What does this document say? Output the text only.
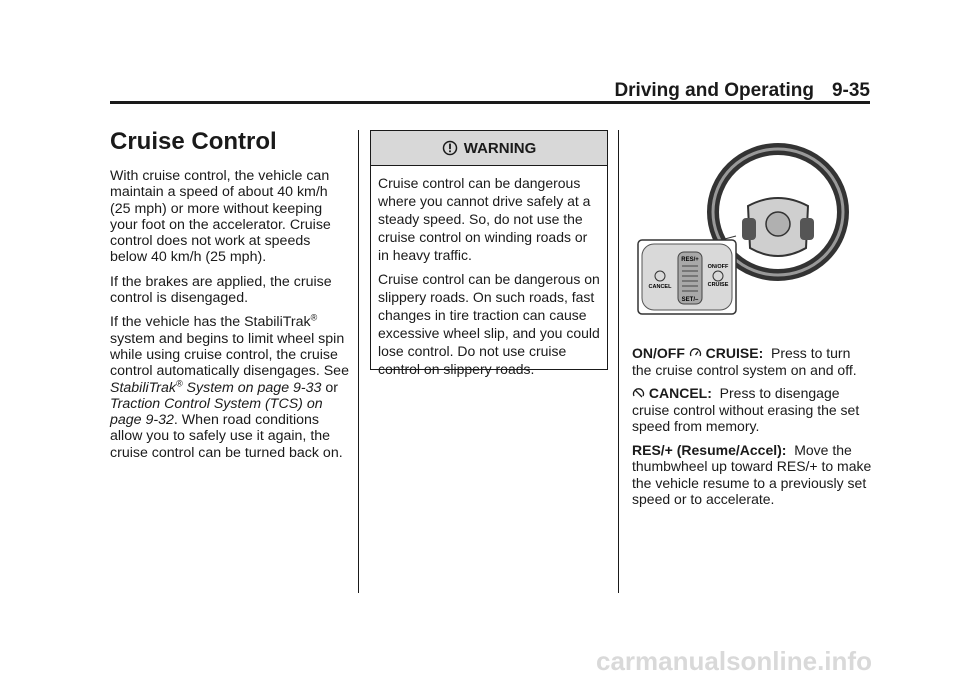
Driving and Operating 9-35
Cruise Control

With cruise control, the vehicle can maintain a speed of about 40 km/h (25 mph) or more without keeping your foot on the accelerator. Cruise control does not work at speeds below 40 km/h (25 mph).

If the brakes are applied, the cruise control is disengaged.

If the vehicle has the StabiliTrak® system and begins to limit wheel spin while using cruise control, the cruise control automatically disengages. See StabiliTrak® System on page 9-33 or Traction Control System (TCS) on page 9-32. When road conditions allow you to safely use it again, the cruise control can be turned back on.

WARNING

Cruise control can be dangerous where you cannot drive safely at a steady speed. So, do not use the cruise control on winding roads or in heavy traffic.

Cruise control can be dangerous on slippery roads. On such roads, fast changes in tire traction can cause excessive wheel slip, and you could lose control. Do not use cruise control on slippery roads.

RES/+
SET/–
CANCEL
ON/OFF
CRUISE

ON/OFF CRUISE: Press to turn the cruise control system on and off.

CANCEL: Press to disengage cruise control without erasing the set speed from memory.

RES/+ (Resume/Accel): Move the thumbwheel up toward RES/+ to make the vehicle resume to a previously set speed or to accelerate.

carmanualsonline.info
